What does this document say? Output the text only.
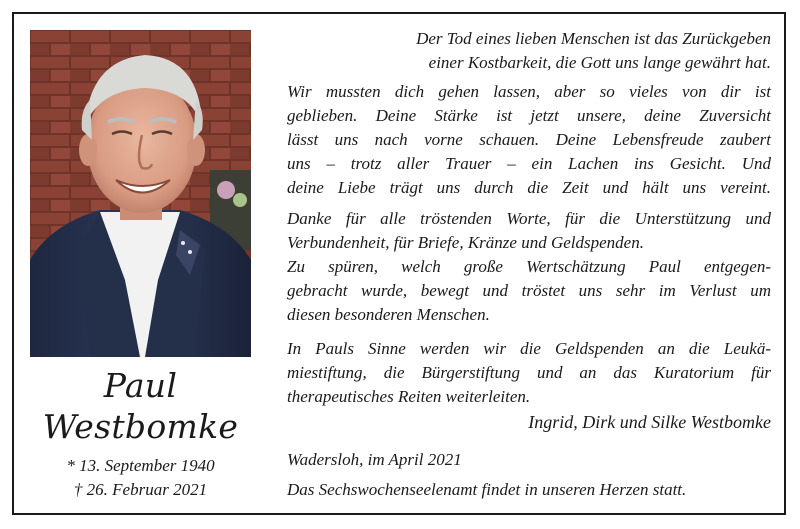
Paul
Westbomke
* 13. September 1940
† 26. Februar 2021
Der Tod eines lieben Menschen ist das Zurückgeben
einer Kostbarkeit, die Gott uns lange gewährt hat.
Wir mussten dich gehen lassen, aber so vieles von dir ist
geblieben. Deine Stärke ist jetzt unsere, deine Zuversicht
lässt uns nach vorne schauen. Deine Lebensfreude zaubert
uns – trotz aller Trauer – ein Lachen ins Gesicht. Und
deine Liebe trägt uns durch die Zeit und hält uns vereint.
Danke für alle tröstenden Worte, für die Unterstützung und
Verbundenheit, für Briefe, Kränze und Geldspenden.
Zu spüren, welch große Wertschätzung Paul entgegen-
gebracht wurde, bewegt und tröstet uns sehr im Verlust um
diesen besonderen Menschen.
In Pauls Sinne werden wir die Geldspenden an die Leukä-
miestiftung, die Bürgerstiftung und an das Kuratorium für
therapeutisches Reiten weiterleiten.
Ingrid, Dirk und Silke Westbomke
Wadersloh, im April 2021
Das Sechswochenseelenamt findet in unseren Herzen statt.
